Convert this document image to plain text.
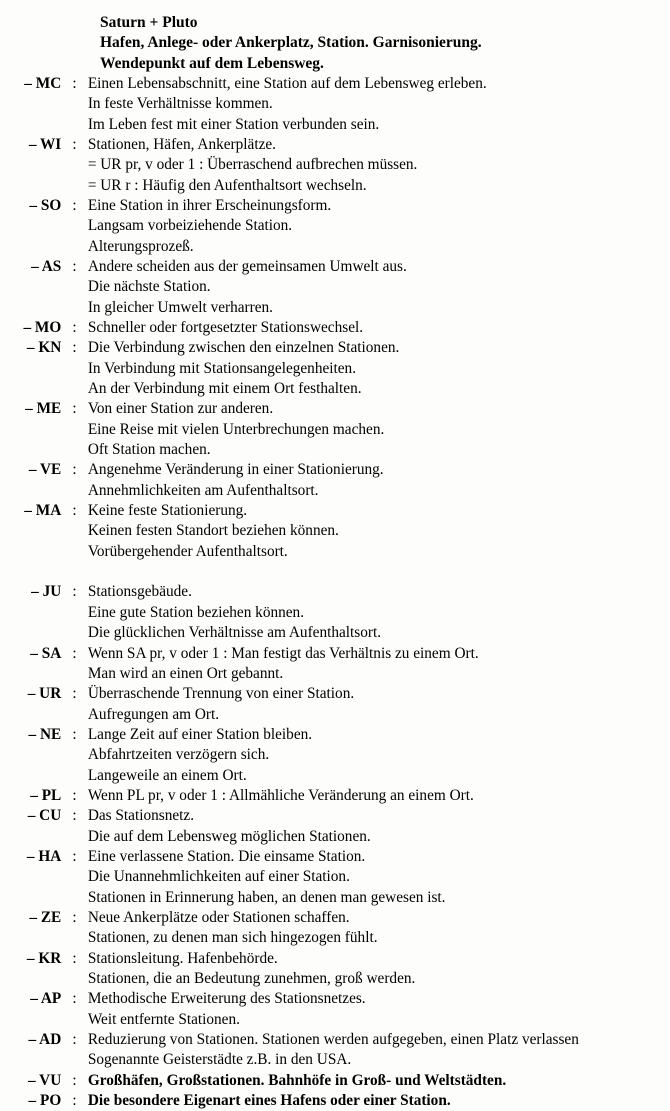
Saturn + Pluto
Hafen, Anlege- oder Ankerplatz, Station. Garnisonierung.
Wendepunkt auf dem Lebensweg.
– MC	:	Einen Lebensabschnitt, eine Station auf dem Lebensweg erleben.
In feste Verhältnisse kommen.
Im Leben fest mit einer Station verbunden sein.

– WI	:	Stationen, Häfen, Ankerplätze.
= UR pr, v oder 1 : Überraschend aufbrechen müssen.
= UR r : Häufig den Aufenthaltsort wechseln.

– SO	:	Eine Station in ihrer Erscheinungsform.
Langsam vorbeiziehende Station.
Alterungsprozeß.

– AS	:	Andere scheiden aus der gemeinsamen Umwelt aus.
Die nächste Station.
In gleicher Umwelt verharren.

– MO	:	Schneller oder fortgesetzter Stationswechsel.

– KN	:	Die Verbindung zwischen den einzelnen Stationen.
In Verbindung mit Stationsangelegenheiten.
An der Verbindung mit einem Ort festhalten.

– ME	:	Von einer Station zur anderen.
Eine Reise mit vielen Unterbrechungen machen.
Oft Station machen.

– VE	:	Angenehme Veränderung in einer Stationierung.
Annehmlichkeiten am Aufenthaltsort.

– MA	:	Keine feste Stationierung.
Keinen festen Standort beziehen können.
Vorübergehender Aufenthaltsort.

– JU	:	Stationsgebäude.
Eine gute Station beziehen können.
Die glücklichen Verhältnisse am Aufenthaltsort.

– SA	:	Wenn SA pr, v oder 1 : Man festigt das Verhältnis zu einem Ort.
Man wird an einen Ort gebannt.

– UR	:	Überraschende Trennung von einer Station.
Aufregungen am Ort.

– NE	:	Lange Zeit auf einer Station bleiben.
Abfahrtzeiten verzögern sich.
Langeweile an einem Ort.

– PL	:	Wenn PL pr, v oder 1 : Allmähliche Veränderung an einem Ort.

– CU	:	Das Stationsnetz.
Die auf dem Lebensweg möglichen Stationen.

– HA	:	Eine verlassene Station. Die einsame Station.
Die Unannehmlichkeiten auf einer Station.
Stationen in Erinnerung haben, an denen man gewesen ist.

– ZE	:	Neue Ankerplätze oder Stationen schaffen.
Stationen, zu denen man sich hingezogen fühlt.

– KR	:	Stationsleitung. Hafenbehörde.
Stationen, die an Bedeutung zunehmen, groß werden.

– AP	:	Methodische Erweiterung des Stationsnetzes.
Weit entfernte Stationen.

– AD	:	Reduzierung von Stationen. Stationen werden aufgegeben, einen Platz verlassen
Sogenannte Geisterstädte z.B. in den USA.

– VU	:	Großhäfen, Großstationen. Bahnhöfe in Groß- und Weltstädten.

– PO	:	Die besondere Eigenart eines Hafens oder einer Station.
